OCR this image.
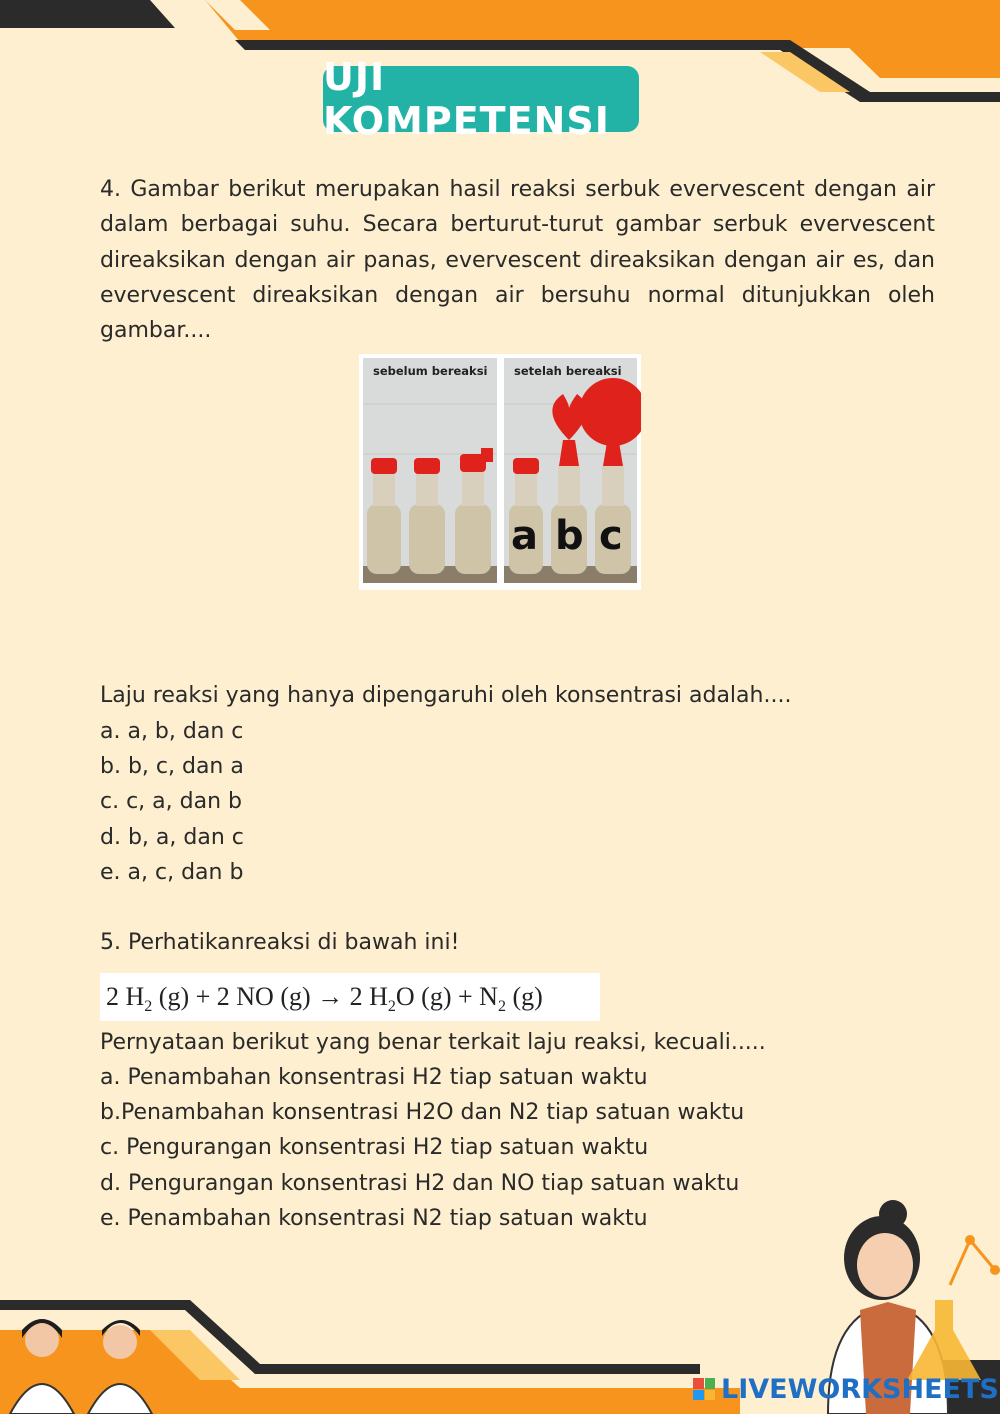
UJI KOMPETENSI

4. Gambar berikut merupakan hasil reaksi serbuk evervescent dengan air dalam berbagai suhu. Secara berturut-turut gambar serbuk evervescent direaksikan dengan air panas, evervescent direaksikan dengan air es, dan evervescent direaksikan dengan air bersuhu normal ditunjukkan oleh gambar....

sebelum bereaksi setelah bereaksi
a b c

Laju reaksi yang hanya dipengaruhi oleh konsentrasi adalah....

a. a, b, dan c

b. b, c, dan a

c. c, a, dan b

d. b, a, dan c

e. a, c, dan b

5. Perhatikanreaksi di bawah ini!

2 $H_2$ (g) + 2 NO (g) → 2 $H_2O$ $(g) + N_2$ (g)

Pernyataan berikut yang benar terkait laju reaksi, kecuali.....

a. Penambahan konsentrasi H2 tiap satuan waktu

b.Penambahan konsentrasi H2O dan N2 tiap satuan waktu

c. Pengurangan konsentrasi H2 tiap satuan waktu

d. Pengurangan konsentrasi H2 dan NO tiap satuan waktu

e. Penambahan konsentrasi N2 tiap satuan waktu

LIVEWORKSHEETS
